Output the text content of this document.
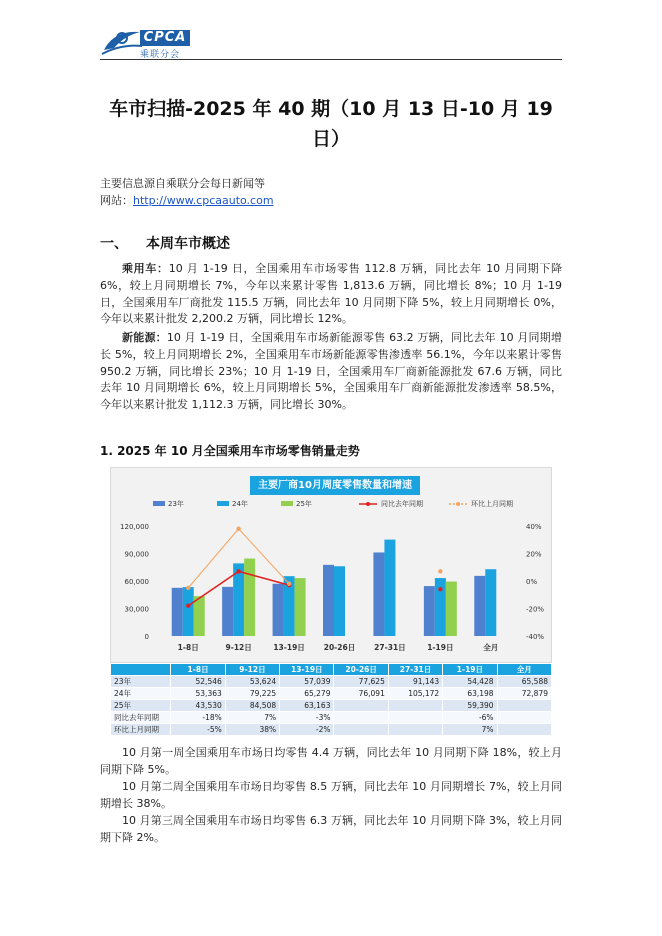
CPCA
乘联分会
车市扫描-2025 年 40 期（10 月 13 日-10 月 19 日）
主要信息源自乘联分会每日新闻等
网站：http://www.cpcaauto.com
一、 本周车市概述
乘用车：10 月 1-19 日，全国乘用车市场零售 112.8 万辆，同比去年 10 月同期下降 6%，较上月同期增长 7%，今年以来累计零售 1,813.6 万辆，同比增长 8%；10 月 1-19 日，全国乘用车厂商批发 115.5 万辆，同比去年 10 月同期下降 5%，较上月同期增长 0%，今年以来累计批发 2,200.2 万辆，同比增长 12%。
新能源：10 月 1-19 日，全国乘用车市场新能源零售 63.2 万辆，同比去年 10 月同期增长 5%，较上月同期增长 2%，全国乘用车市场新能源零售渗透率 56.1%，今年以来累计零售 950.2 万辆，同比增长 23%；10 月 1-19 日，全国乘用车厂商新能源批发 67.6 万辆，同比去年 10 月同期增长 6%，较上月同期增长 5%，全国乘用车厂商新能源批发渗透率 58.5%，今年以来累计批发 1,112.3 万辆，同比增长 30%。
1. 2025 年 10 月全国乘用车市场零售销量走势
120,000
90,000
60,000
30,000
0
40%
20%
0%
-20%
-40%
1-8日	9-12日	13-19日	20-26日	27-31日	1-19日	全月
23年	24年	25年	同比去年同期	环比上月同期
主要厂商10月周度零售数量和增速
	1-8日	9-12日	13-19日	20-26日	27-31日	1-19日	全月
23年	52,546	53,624	57,039	77,625	91,143	54,428	65,588
24年	53,363	79,225	65,279	76,091	105,172	63,198	72,879
25年	43,530	84,508	63,163			59,390	
同比去年同期	-18%	7%	-3%			-6%	
环比上月同期	-5%	38%	-2%			7%	
10 月第一周全国乘用车市场日均零售 4.4 万辆，同比去年 10 月同期下降 18%，较上月同期下降 5%。
10 月第二周全国乘用车市场日均零售 8.5 万辆，同比去年 10 月同期增长 7%，较上月同期增长 38%。
10 月第三周全国乘用车市场日均零售 6.3 万辆，同比去年 10 月同期下降 3%，较上月同期下降 2%。
